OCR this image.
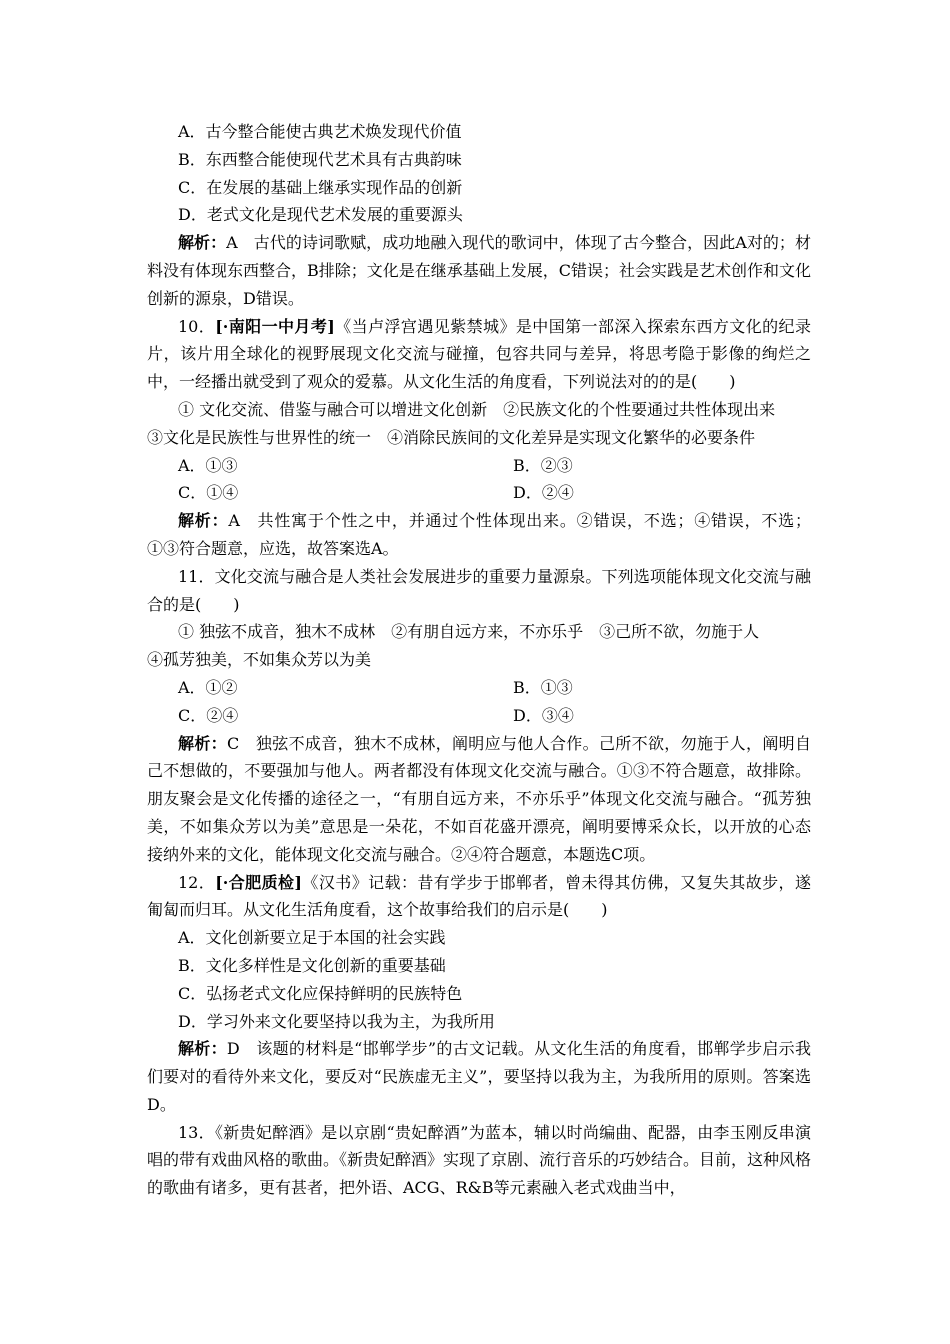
A．古今整合能使古典艺术焕发现代价值
B．东西整合能使现代艺术具有古典韵味
C．在发展的基础上继承实现作品的创新
D．老式文化是现代艺术发展的重要源头
解析：A　古代的诗词歌赋，成功地融入现代的歌词中，体现了古今整合，因此A对的；材料没有体现东西整合，B排除；文化是在继承基础上发展，C错误；社会实践是艺术创作和文化创新的源泉，D错误。
10．[·南阳一中月考]《当卢浮宫遇见紫禁城》是中国第一部深入探索东西方文化的纪录片，该片用全球化的视野展现文化交流与碰撞，包容共同与差异，将思考隐于影像的绚烂之中，一经播出就受到了观众的爱慕。从文化生活的角度看，下列说法对的的是(　　)
① 文化交流、借鉴与融合可以增进文化创新　②民族文化的个性要通过共性体现出来
③文化是民族性与世界性的统一　④消除民族间的文化差异是实现文化繁华的必要条件
A．①③	B．②③
C．①④	D．②④
解析：A　共性寓于个性之中，并通过个性体现出来。②错误，不选；④错误，不选；①③符合题意，应选，故答案选A。
11．文化交流与融合是人类社会发展进步的重要力量源泉。下列选项能体现文化交流与融合的是(　　)
① 独弦不成音，独木不成林　②有朋自远方来，不亦乐乎　③己所不欲，勿施于人
④孤芳独美，不如集众芳以为美
A．①②	B．①③
C．②④	D．③④
解析：C　独弦不成音，独木不成林，阐明应与他人合作。己所不欲，勿施于人，阐明自己不想做的，不要强加与他人。两者都没有体现文化交流与融合。①③不符合题意，故排除。朋友聚会是文化传播的途径之一，“有朋自远方来，不亦乐乎”体现文化交流与融合。“孤芳独美，不如集众芳以为美”意思是一朵花，不如百花盛开漂亮，阐明要博采众长，以开放的心态接纳外来的文化，能体现文化交流与融合。②④符合题意，本题选C项。
12．[·合肥质检]《汉书》记载：昔有学步于邯郸者，曾未得其仿佛，又复失其故步，遂匍匐而归耳。从文化生活角度看，这个故事给我们的启示是(　　)
A．文化创新要立足于本国的社会实践
B．文化多样性是文化创新的重要基础
C．弘扬老式文化应保持鲜明的民族特色
D．学习外来文化要坚持以我为主，为我所用
解析：D　该题的材料是“邯郸学步”的古文记载。从文化生活的角度看，邯郸学步启示我们要对的看待外来文化，要反对“民族虚无主义”，要坚持以我为主，为我所用的原则。答案选D。
13．《新贵妃醉酒》是以京剧“贵妃醉酒”为蓝本，辅以时尚编曲、配器，由李玉刚反串演唱的带有戏曲风格的歌曲。《新贵妃醉酒》实现了京剧、流行音乐的巧妙结合。目前，这种风格的歌曲有诸多，更有甚者，把外语、ACG、R&B等元素融入老式戏曲当中，
